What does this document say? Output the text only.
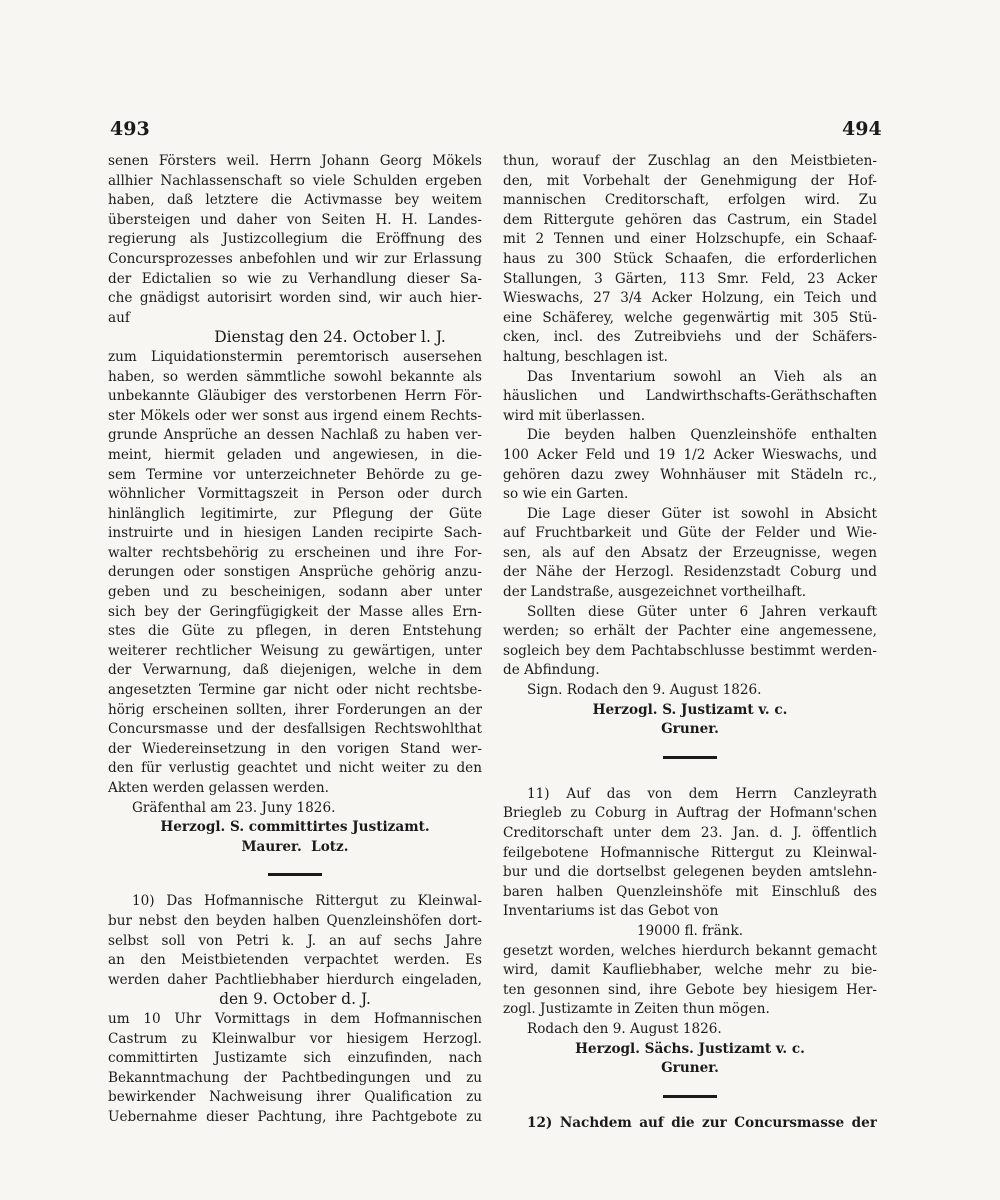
493	494
senen Försters weil. Herrn Johann Georg Mökels
allhier Nachlassenschaft so viele Schulden ergeben
haben, daß letztere die Activmasse bey weitem
übersteigen und daher von Seiten H. H. Landes-
regierung als Justizcollegium die Eröffnung des
Concursprozesses anbefohlen und wir zur Erlassung
der Edictalien so wie zu Verhandlung dieser Sa-
che gnädigst autorisirt worden sind, wir auch hier-
auf
Dienstag den 24. October l. J.
zum Liquidationstermin peremtorisch ausersehen
haben, so werden sämmtliche sowohl bekannte als
unbekannte Gläubiger des verstorbenen Herrn För-
ster Mökels oder wer sonst aus irgend einem Rechts-
grunde Ansprüche an dessen Nachlaß zu haben ver-
meint, hiermit geladen und angewiesen, in die-
sem Termine vor unterzeichneter Behörde zu ge-
wöhnlicher Vormittagszeit in Person oder durch
hinlänglich legitimirte, zur Pflegung der Güte
instruirte und in hiesigen Landen recipirte Sach-
walter rechtsbehörig zu erscheinen und ihre For-
derungen oder sonstigen Ansprüche gehörig anzu-
geben und zu bescheinigen, sodann aber unter
sich bey der Geringfügigkeit der Masse alles Ern-
stes die Güte zu pflegen, in deren Entstehung
weiterer rechtlicher Weisung zu gewärtigen, unter
der Verwarnung, daß diejenigen, welche in dem
angesetzten Termine gar nicht oder nicht rechtsbe-
hörig erscheinen sollten, ihrer Forderungen an der
Concursmasse und der desfallsigen Rechtswohlthat
der Wiedereinsetzung in den vorigen Stand wer-
den für verlustig geachtet und nicht weiter zu den
Akten werden gelassen werden.
Gräfenthal am 23. Juny 1826.
Herzogl. S. committirtes Justizamt.
Maurer.  Lotz.
10) Das Hofmannische Rittergut zu Kleinwal-
bur nebst den beyden halben Quenzleinshöfen dort-
selbst soll von Petri k. J. an auf sechs Jahre
an den Meistbietenden verpachtet werden. Es
werden daher Pachtliebhaber hierdurch eingeladen,
den 9. October d. J.
um 10 Uhr Vormittags in dem Hofmannischen
Castrum zu Kleinwalbur vor hiesigem Herzogl.
committirten Justizamte sich einzufinden, nach
Bekanntmachung der Pachtbedingungen und zu
bewirkender Nachweisung ihrer Qualification zu
Uebernahme dieser Pachtung, ihre Pachtgebote zu
thun, worauf der Zuschlag an den Meistbieten-
den, mit Vorbehalt der Genehmigung der Hof-
mannischen Creditorschaft, erfolgen wird. Zu
dem Rittergute gehören das Castrum, ein Stadel
mit 2 Tennen und einer Holzschupfe, ein Schaaf-
haus zu 300 Stück Schaafen, die erforderlichen
Stallungen, 3 Gärten, 113 Smr. Feld, 23 Acker
Wieswachs, 27 3/4 Acker Holzung, ein Teich und
eine Schäferey, welche gegenwärtig mit 305 Stü-
cken, incl. des Zutreibviehs und der Schäfers-
haltung, beschlagen ist.
Das Inventarium sowohl an Vieh als an
häuslichen und Landwirthschafts-Geräthschaften
wird mit überlassen.
Die beyden halben Quenzleinshöfe enthalten
100 Acker Feld und 19 1/2 Acker Wieswachs, und
gehören dazu zwey Wohnhäuser mit Städeln rc.,
so wie ein Garten.
Die Lage dieser Güter ist sowohl in Absicht
auf Fruchtbarkeit und Güte der Felder und Wie-
sen, als auf den Absatz der Erzeugnisse, wegen
der Nähe der Herzogl. Residenzstadt Coburg und
der Landstraße, ausgezeichnet vortheilhaft.
Sollten diese Güter unter 6 Jahren verkauft
werden; so erhält der Pachter eine angemessene,
sogleich bey dem Pachtabschlusse bestimmt werden-
de Abfindung.
Sign. Rodach den 9. August 1826.
Herzogl. S. Justizamt v. c.
Gruner.
11) Auf das von dem Herrn Canzleyrath
Briegleb zu Coburg in Auftrag der Hofmann'schen
Creditorschaft unter dem 23. Jan. d. J. öffentlich
feilgebotene Hofmannische Rittergut zu Kleinwal-
bur und die dortselbst gelegenen beyden amtslehn-
baren halben Quenzleinshöfe mit Einschluß des
Inventariums ist das Gebot von
19000 fl. fränk.
gesetzt worden, welches hierdurch bekannt gemacht
wird, damit Kaufliebhaber, welche mehr zu bie-
ten gesonnen sind, ihre Gebote bey hiesigem Her-
zogl. Justizamte in Zeiten thun mögen.
Rodach den 9. August 1826.
Herzogl. Sächs. Justizamt v. c.
Gruner.
12) Nachdem auf die zur Concursmasse der
